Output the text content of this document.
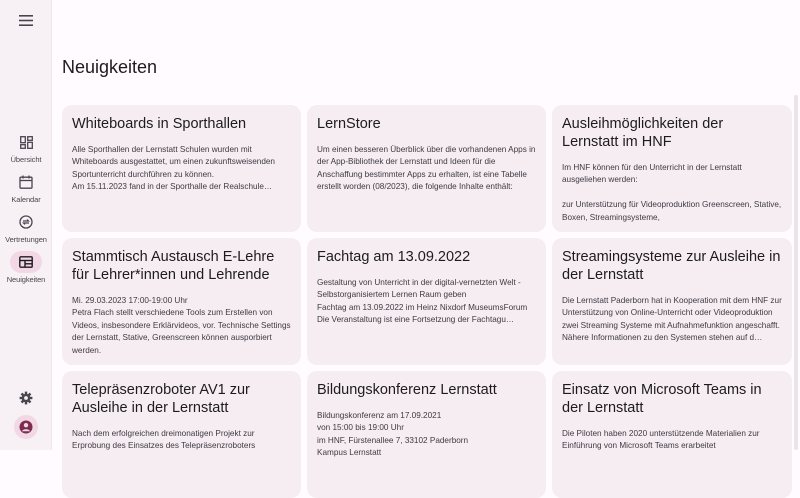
Übersicht
Kalendar
Vertretungen
Neuigkeiten
Neuigkeiten
Whiteboards in Sporthallen
Alle Sporthallen der Lernstatt Schulen wurden mit Whiteboards ausgestattet, um einen zukunftsweisenden Sportunterricht durchführen zu können.
Am 15.11.2023 fand in der Sporthalle der Realschule…
LernStore
Um einen besseren Überblick über die vorhandenen Apps in der App-Bibliothek der Lernstatt und Ideen für die Anschaffung bestimmter Apps zu erhalten, ist eine Tabelle erstellt worden (08/2023), die folgende Inhalte enthält:
Ausleihmöglichkeiten der Lernstatt im HNF
Im HNF können für den Unterricht in der Lernstatt ausgeliehen werden:

zur Unterstützung für Videoproduktion Greenscreen, Stative, Boxen, Streamingsysteme,
Stammtisch Austausch E-Lehre für Lehrer*innen und Lehrende
Mi. 29.03.2023 17:00-19:00 Uhr
Petra Flach stellt verschiedene Tools zum Erstellen von Videos, insbesondere Erklärvideos, vor. Technische Settings der Lernstatt, Stative, Greenscreen können ausporbiert werden.
Fachtag am 13.09.2022
Gestaltung von Unterricht in der digital-vernetzten Welt - Selbstorganisiertem Lernen Raum geben
Fachtag am 13.09.2022 im Heinz Nixdorf MuseumsForum
Die Veranstaltung ist eine Fortsetzung der Fachtagu…
Streamingsysteme zur Ausleihe in der Lernstatt
Die Lernstatt Paderborn hat in Kooperation mit dem HNF zur Unterstützung von Online-Unterricht oder Videoproduktion zwei Streaming Systeme mit Aufnahmefunktion angeschafft.
Nähere Informationen zu den Systemen stehen auf d…
Telepräsenzroboter AV1 zur Ausleihe in der Lernstatt
Nach dem erfolgreichen dreimonatigen Projekt zur Erprobung des Einsatzes des Telepräsenzroboters
Bildungskonferenz Lernstatt
Bildungskonferenz am 17.09.2021
von 15:00 bis 19:00 Uhr
im HNF, Fürstenallee 7, 33102 Paderborn
Kampus Lernstatt
Einsatz von Microsoft Teams in der Lernstatt
Die Piloten haben 2020 unterstützende Materialien zur Einführung von Microsoft Teams erarbeitet
